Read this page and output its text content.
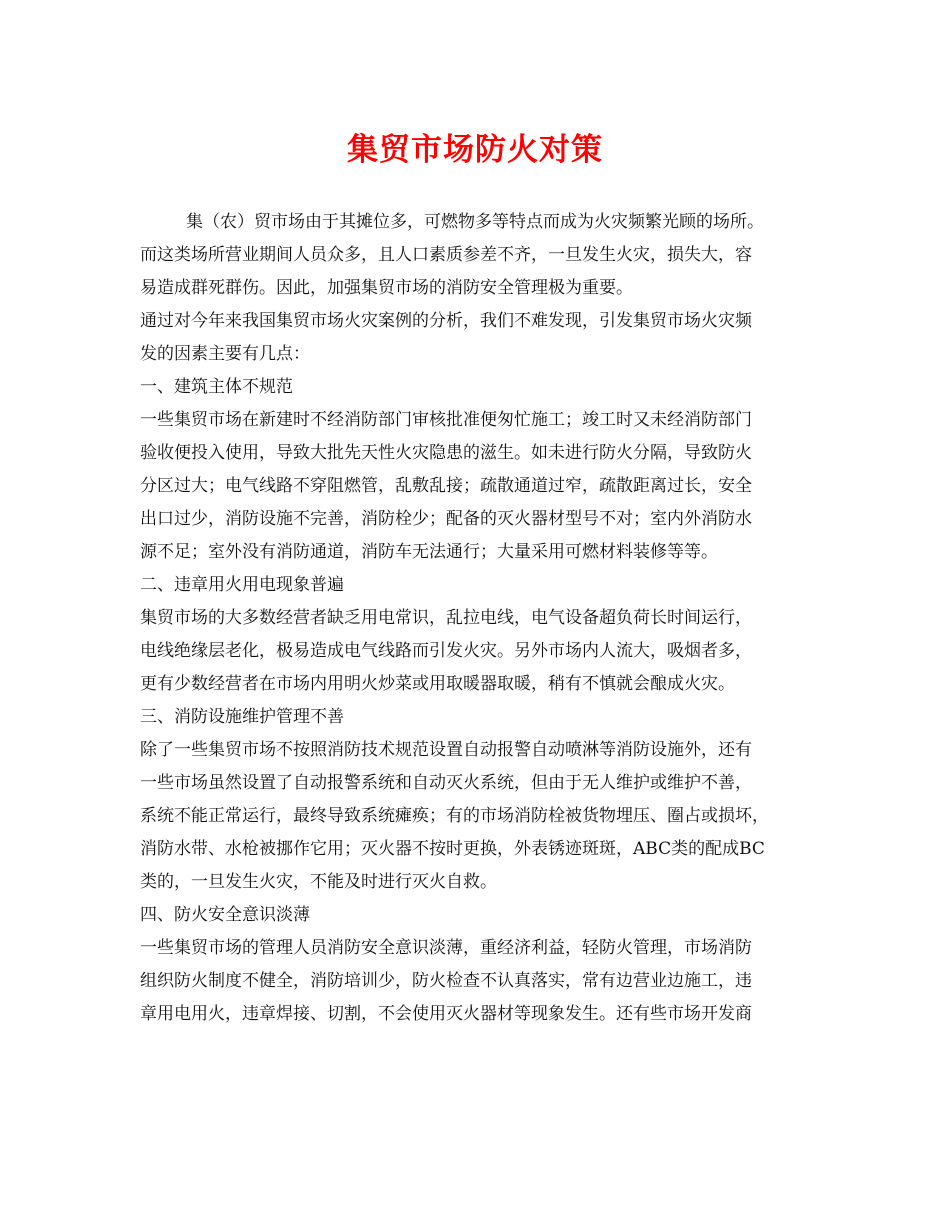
集贸市场防火对策
集（农）贸市场由于其摊位多，可燃物多等特点而成为火灾频繁光顾的场所。
而这类场所营业期间人员众多，且人口素质参差不齐，一旦发生火灾，损失大，容
易造成群死群伤。因此，加强集贸市场的消防安全管理极为重要。
通过对今年来我国集贸市场火灾案例的分析，我们不难发现，引发集贸市场火灾频
发的因素主要有几点：
一、建筑主体不规范
一些集贸市场在新建时不经消防部门审核批准便匆忙施工；竣工时又未经消防部门
验收便投入使用，导致大批先天性火灾隐患的滋生。如未进行防火分隔，导致防火
分区过大；电气线路不穿阻燃管，乱敷乱接；疏散通道过窄，疏散距离过长，安全
出口过少，消防设施不完善，消防栓少；配备的灭火器材型号不对；室内外消防水
源不足；室外没有消防通道，消防车无法通行；大量采用可燃材料装修等等。
二、违章用火用电现象普遍
集贸市场的大多数经营者缺乏用电常识，乱拉电线，电气设备超负荷长时间运行，
电线绝缘层老化，极易造成电气线路而引发火灾。另外市场内人流大，吸烟者多，
更有少数经营者在市场内用明火炒菜或用取暖器取暖，稍有不慎就会酿成火灾。
三、消防设施维护管理不善
除了一些集贸市场不按照消防技术规范设置自动报警自动喷淋等消防设施外，还有
一些市场虽然设置了自动报警系统和自动灭火系统，但由于无人维护或维护不善，
系统不能正常运行，最终导致系统瘫痪；有的市场消防栓被货物埋压、圈占或损坏，
消防水带、水枪被挪作它用；灭火器不按时更换，外表锈迹斑斑，ABC类的配成BC
类的，一旦发生火灾，不能及时进行灭火自救。
四、防火安全意识淡薄
一些集贸市场的管理人员消防安全意识淡薄，重经济利益，轻防火管理，市场消防
组织防火制度不健全，消防培训少，防火检查不认真落实，常有边营业边施工，违
章用电用火，违章焊接、切割，不会使用灭火器材等现象发生。还有些市场开发商
